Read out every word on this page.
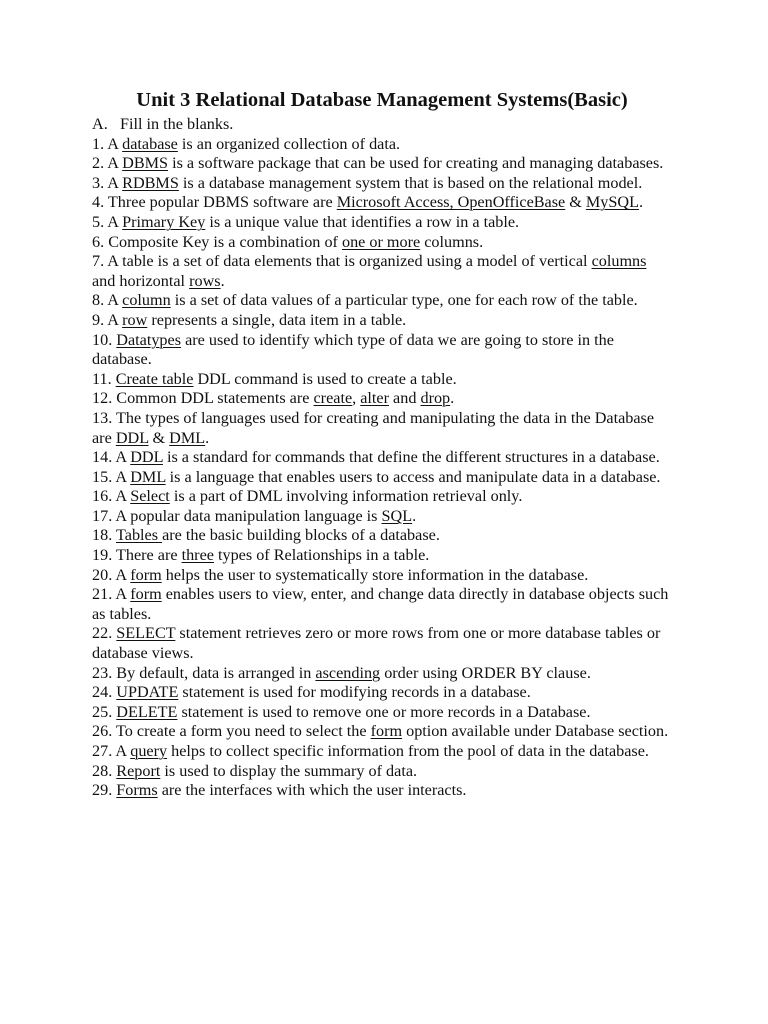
Unit 3 Relational Database Management Systems(Basic)

A. Fill in the blanks.

1. A database is an organized collection of data.
2. A DBMS is a software package that can be used for creating and managing databases.
3. A RDBMS is a database management system that is based on the relational model.
4. Three popular DBMS software are Microsoft Access, OpenOfficeBase & MySQL.
5. A Primary Key is a unique value that identifies a row in a table.
6. Composite Key is a combination of one or more columns.
7. A table is a set of data elements that is organized using a model of vertical columns and horizontal rows.
8. A column is a set of data values of a particular type, one for each row of the table.
9. A row represents a single, data item in a table.
10. Datatypes are used to identify which type of data we are going to store in the database.
11. Create table DDL command is used to create a table.
12. Common DDL statements are create, alter and drop.
13. The types of languages used for creating and manipulating the data in the Database are DDL & DML.
14. A DDL is a standard for commands that define the different structures in a database.
15. A DML is a language that enables users to access and manipulate data in a database.
16. A Select is a part of DML involving information retrieval only.
17. A popular data manipulation language is SQL.
18. Tables are the basic building blocks of a database.
19. There are three types of Relationships in a table.
20. A form helps the user to systematically store information in the database.
21. A form enables users to view, enter, and change data directly in database objects such as tables.
22. SELECT statement retrieves zero or more rows from one or more database tables or database views.
23. By default, data is arranged in ascending order using ORDER BY clause.
24. UPDATE statement is used for modifying records in a database.
25. DELETE statement is used to remove one or more records in a Database.
26. To create a form you need to select the form option available under Database section.
27. A query helps to collect specific information from the pool of data in the database.
28. Report is used to display the summary of data.
29. Forms are the interfaces with which the user interacts.
